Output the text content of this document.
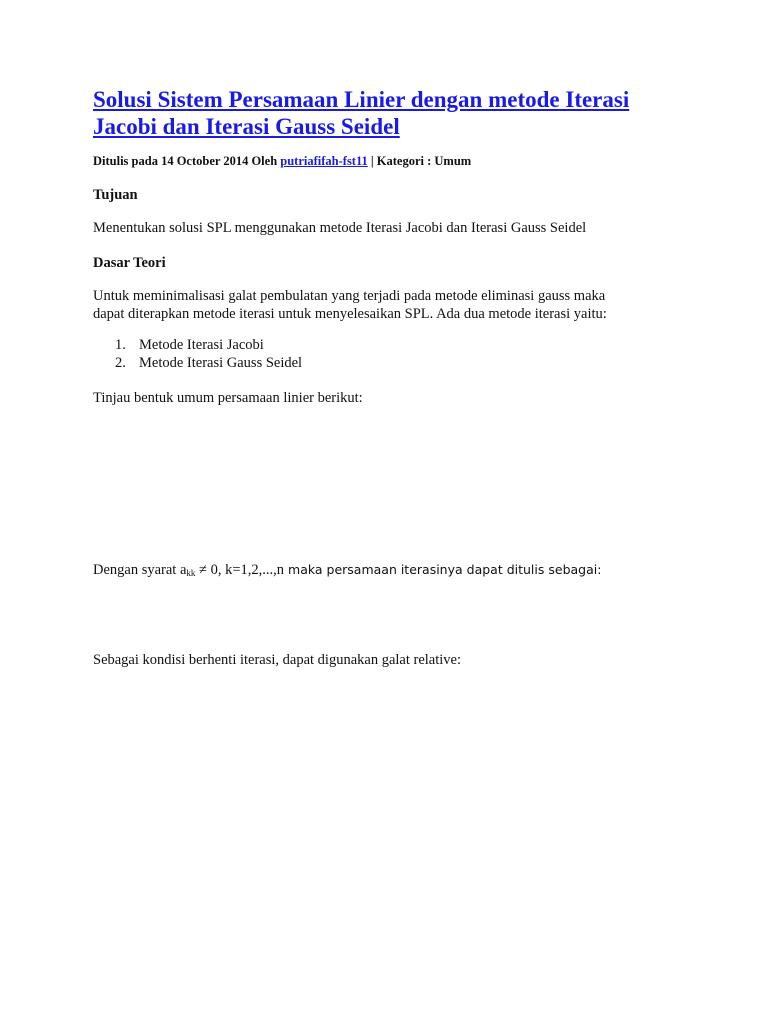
Solusi Sistem Persamaan Linier dengan metode Iterasi Jacobi dan Iterasi Gauss Seidel
Ditulis pada 14 October 2014 Oleh putriafifah-fst11 | Kategori : Umum
Tujuan

Menentukan solusi SPL menggunakan metode Iterasi Jacobi dan Iterasi Gauss Seidel

Dasar Teori

Untuk meminimalisasi galat pembulatan yang terjadi pada metode eliminasi gauss maka

dapat diterapkan metode iterasi untuk menyelesaikan SPL. Ada dua metode iterasi yaitu:

1. Metode Iterasi Jacobi
2. Metode Iterasi Gauss Seidel

Tinjau bentuk umum persamaan linier berikut:

Dengan syarat $a_{kk} \ne 0$, k=1,2,...,n maka persamaan iterasinya dapat ditulis sebagai:

Sebagai kondisi berhenti iterasi, dapat digunakan galat relative:
